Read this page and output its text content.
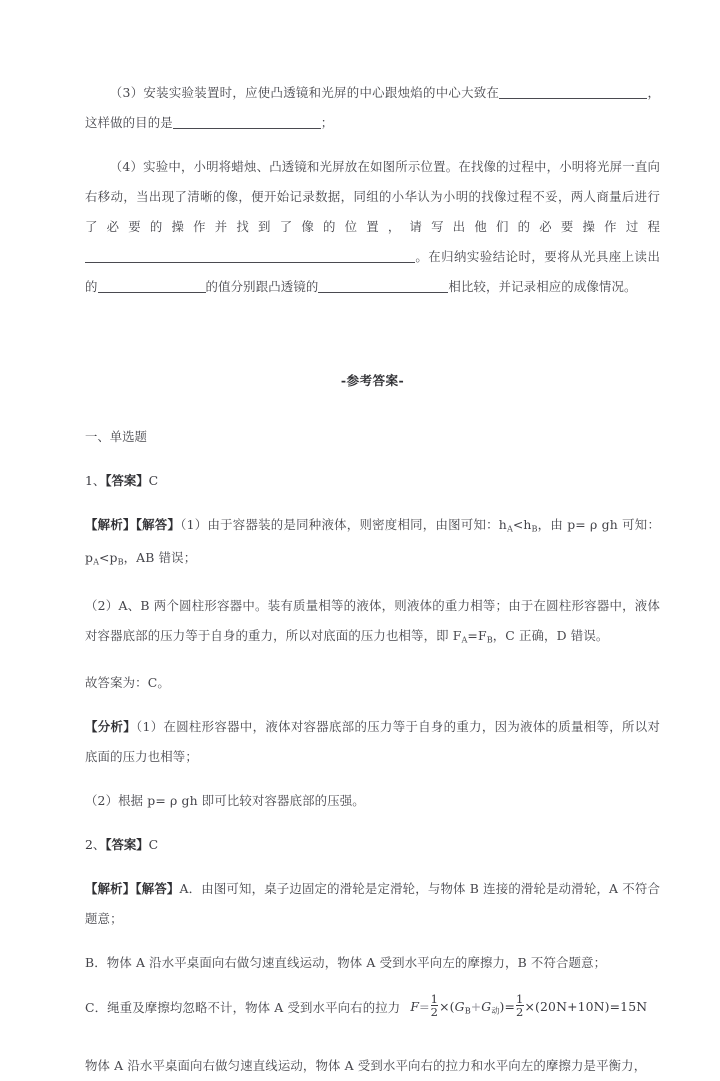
（3）安装实验装置时，应使凸透镜和光屏的中心跟烛焰的中心大致在	，这样做的目的是	；

（4）实验中，小明将蜡烛、凸透镜和光屏放在如图所示位置。在找像的过程中，小明将光屏一直向右移动，当出现了清晰的像，便开始记录数据，同组的小华认为小明的找像过程不妥，两人商量后进行了必要的操作并找到了像的位置，请写出他们的必要操作过程。在归纳实验结论时，要将从光具座上读出的	的值分别跟凸透镜的	相比较，并记录相应的成像情况。

-参考答案-

一、单选题

1、【答案】C

【解析】【解答】（1）由于容器装的是同种液体，则密度相同，由图可知：$h_A<h_B$，由 p= ρ gh 可知：$p_A<p_B$，AB 错误；

（2）A、B 两个圆柱形容器中。装有质量相等的液体，则液体的重力相等；由于在圆柱形容器中，液体对容器底部的压力等于自身的重力，所以对底面的压力也相等，即 $F_A=F_B$，C 正确，D 错误。

故答案为：C。

【分析】（1）在圆柱形容器中，液体对容器底部的压力等于自身的重力，因为液体的质量相等，所以对底面的压力也相等；

（2）根据 p= ρ gh 即可比较对容器底部的压强。

2、【答案】C

【解析】【解答】A．由图可知，桌子边固定的滑轮是定滑轮，与物体 B 连接的滑轮是动滑轮，A 不符合题意；

B．物体 A 沿水平桌面向右做匀速直线运动，物体 A 受到水平向左的摩擦力，B 不符合题意；

C．绳重及摩擦均忽略不计，物体 A 受到水平向右的拉力 $F= \frac{1}{2} \times(G_B+G_动)= \frac{1}{2} \times(20N+10N)=15N$

物体 A 沿水平桌面向右做匀速直线运动，物体 A 受到水平向右的拉力和水平向左的摩擦力是平衡力，
